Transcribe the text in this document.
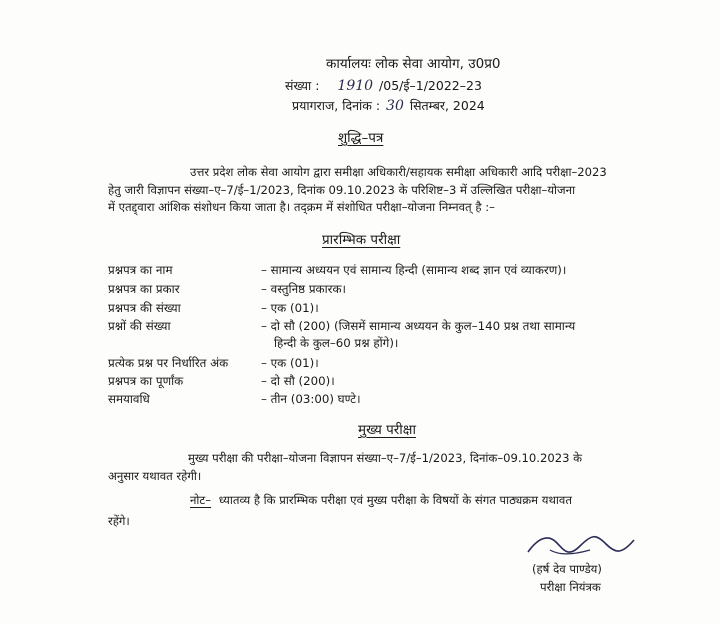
कार्यालयः लोक सेवा आयोग, उ0प्र0
संख्या : 1910 /05/ई–1/2022–23
प्रयागराज, दिनांक : 30 सितम्बर, 2024
शुद्धि–पत्र
उत्तर प्रदेश लोक सेवा आयोग द्वारा समीक्षा अधिकारी/सहायक समीक्षा अधिकारी आदि परीक्षा–2023
हेतु जारी विज्ञापन संख्या–ए–7/ई–1/2023, दिनांक 09.10.2023 के परिशिष्ट–3 में उल्लिखित परीक्षा–योजना
में एतद्द्वारा आंशिक संशोधन किया जाता है। तद्क्रम में संशोधित परीक्षा–योजना निम्नवत् है :–
प्रारम्भिक परीक्षा
प्रश्नपत्र का नाम	– सामान्य अध्ययन एवं सामान्य हिन्दी (सामान्य शब्द ज्ञान एवं व्याकरण)।
प्रश्नपत्र का प्रकार	– वस्तुनिष्ठ प्रकारक।
प्रश्नपत्र की संख्या	– एक (01)।
प्रश्नों की संख्या	– दो सौ (200) (जिसमें सामान्य अध्ययन के कुल–140 प्रश्न तथा सामान्य
हिन्दी के कुल–60 प्रश्न होंगे)।
प्रत्येक प्रश्न पर निर्धारित अंक	– एक (01)।
प्रश्नपत्र का पूर्णांक	– दो सौ (200)।
समयावधि	– तीन (03:00) घण्टे।
मुख्य परीक्षा
मुख्य परीक्षा की परीक्षा–योजना विज्ञापन संख्या–ए–7/ई–1/2023, दिनांक–09.10.2023 के
अनुसार यथावत रहेगी।
नोट– ध्यातव्य है कि प्रारम्भिक परीक्षा एवं मुख्य परीक्षा के विषयों के संगत पाठ्यक्रम यथावत
रहेंगे।
(हर्ष देव पाण्डेय)
परीक्षा नियंत्रक
